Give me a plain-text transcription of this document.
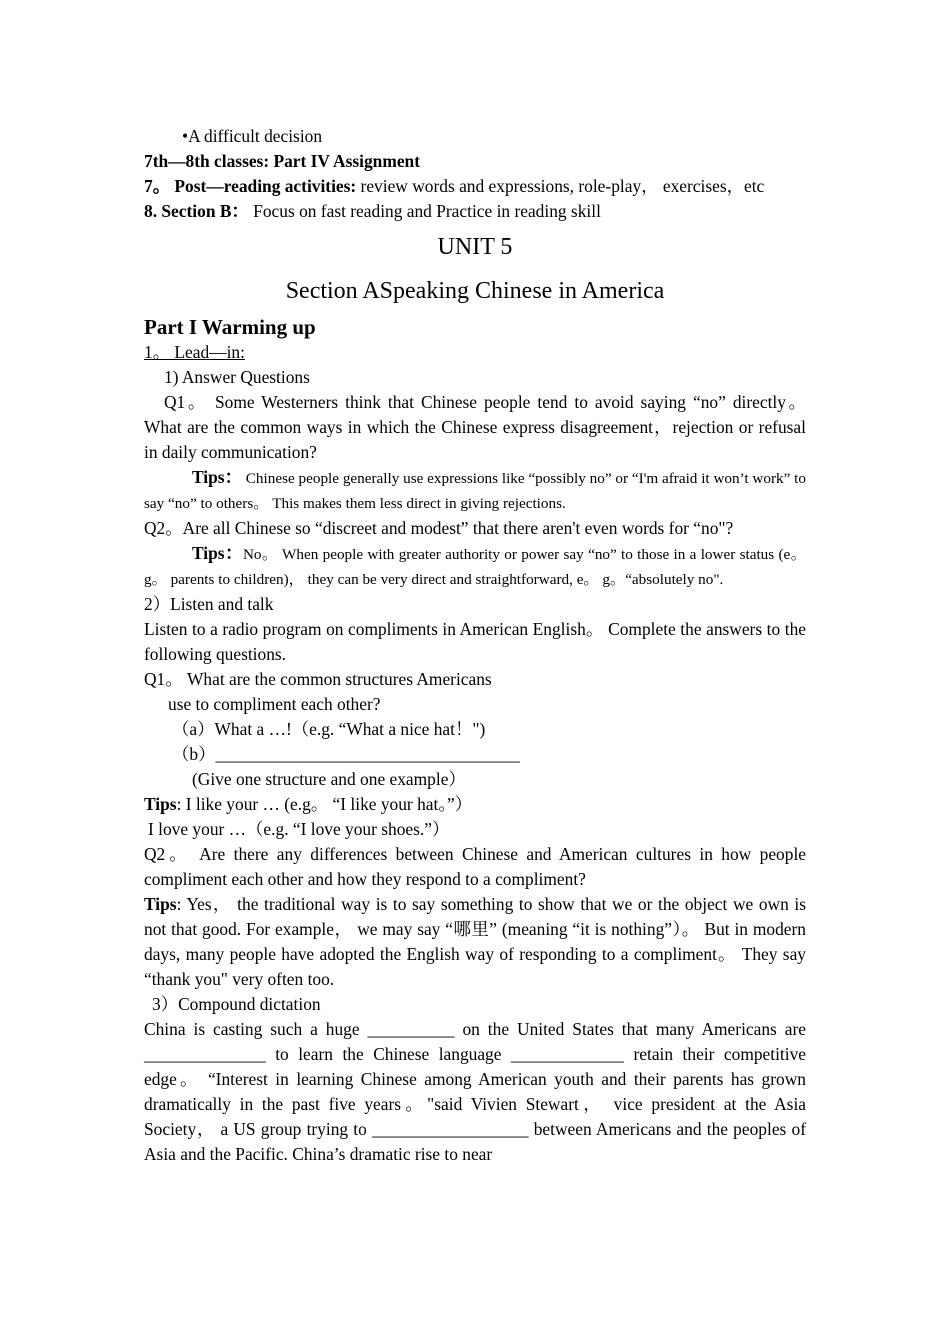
•A difficult decision

7th—8th classes: Part IV Assignment

7。 Post—reading activities: review words and expressions, role-play， exercises，etc

8. Section B： Focus on fast reading and Practice in reading skill

UNIT 5

Section ASpeaking Chinese in America

Part I Warming up

1。 Lead—in:

1) Answer Questions

Q1。 Some Westerners think that Chinese people tend to avoid saying “no” directly。 What are the common ways in which the Chinese express disagreement，rejection or refusal in daily communication?

Tips： Chinese people generally use expressions like “possibly no” or “I'm afraid it won’t work” to say “no” to others。 This makes them less direct in giving rejections.

Q2。Are all Chinese so “discreet and modest” that there aren't even words for “no"?

Tips：No。 When people with greater authority or power say “no” to those in a lower status (e。g。 parents to children)， they can be very direct and straightforward, e。 g。“absolutely no".

2）Listen and talk

Listen to a radio program on compliments in American English。 Complete the answers to the following questions.

Q1。 What are the common structures Americans

use to compliment each other?

（a）What a …!（e.g. “What a nice hat！")

（b）___________________________________

(Give one structure and one example）

Tips: I like your … (e.g。 “I like your hat。”）

I love your …（e.g. “I love your shoes.”）

Q2。 Are there any differences between Chinese and American cultures in how people compliment each other and how they respond to a compliment?

Tips: Yes， the traditional way is to say something to show that we or the object we own is not that good. For example， we may say “哪里” (meaning “it is nothing”）。 But in modern days, many people have adopted the English way of responding to a compliment。 They say “thank you" very often too.

3）Compound dictation

China is casting such a huge __________ on the United States that many Americans are ______________ to learn the Chinese language _____________ retain their competitive edge。 “Interest in learning Chinese among American youth and their parents has grown dramatically in the past five years。"said Vivien Stewart， vice president at the Asia Society， a US group trying to __________________ between Americans and the peoples of Asia and the Pacific. China’s dramatic rise to near
